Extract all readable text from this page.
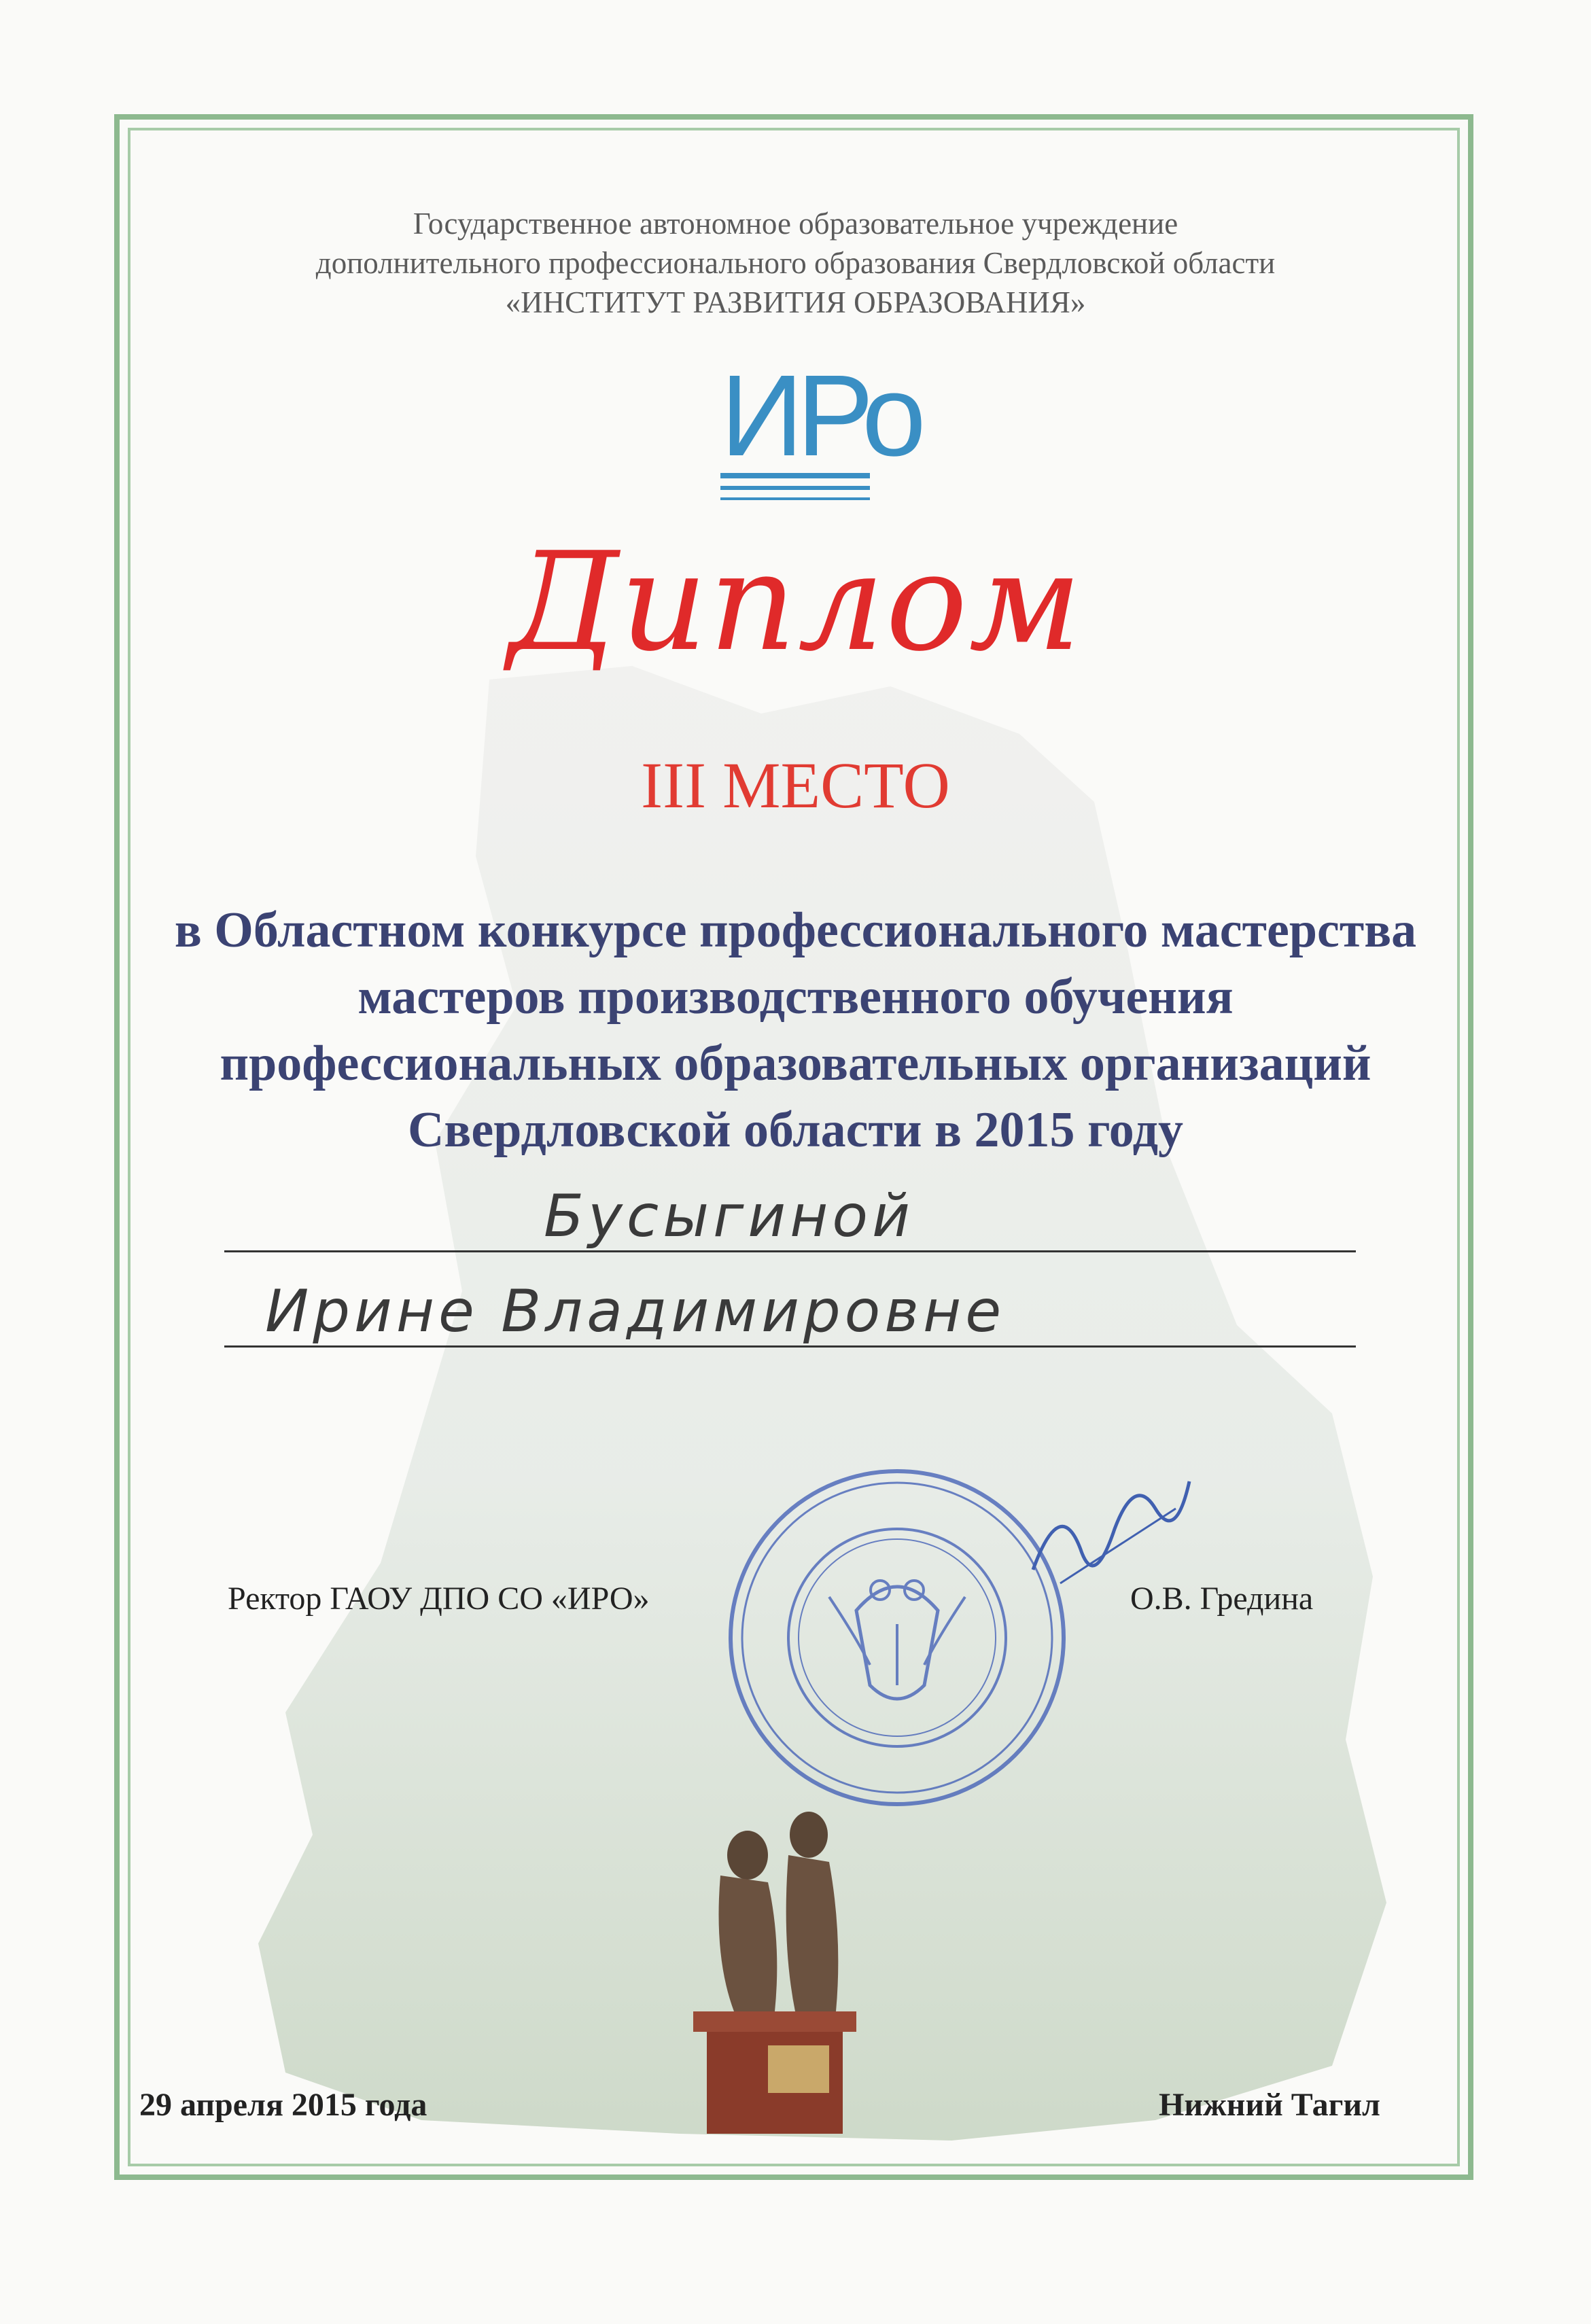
Государственное автономное образовательное учреждение
дополнительного профессионального образования Свердловской области
«ИНСТИТУТ РАЗВИТИЯ ОБРАЗОВАНИЯ»
ИРо
Диплом
III МЕСТО
в Областном конкурсе профессионального мастерства
мастеров производственного обучения
профессиональных образовательных организаций
Свердловской области в 2015 году
Бусыгиной
Ирине Владимировне
Ректор ГАОУ ДПО СО «ИРО»	О.В. Гредина
29 апреля 2015 года	Нижний Тагил
